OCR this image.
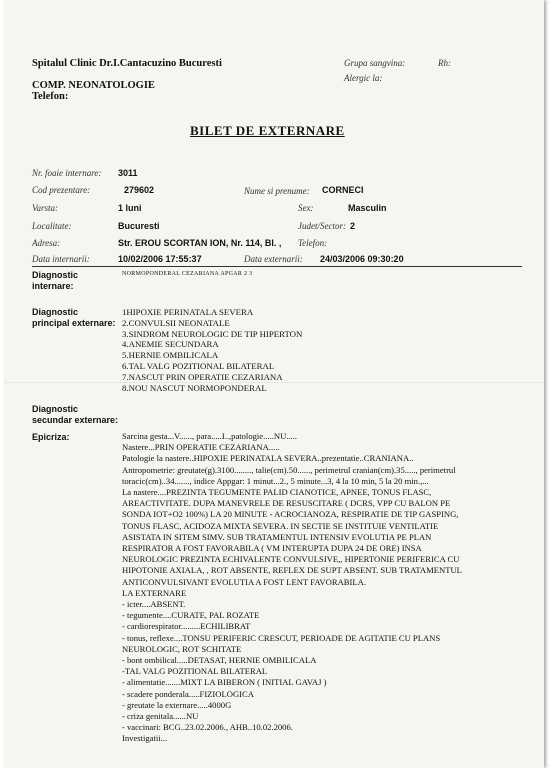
Spitalul Clinic Dr.I.Cantacuzino Bucuresti
COMP. NEONATOLOGIE
Telefon:
Grupa sangvina:	Rh:
Alergic la:
BILET DE EXTERNARE
Nr. foaie internare: 3011
Cod prezentare:	279602	Nume si prenume: CORNECI
Varsta:	1 luni	Sex:	Masculin
Localitate:	Bucuresti	Judet/Sector: 2
Adresa:	Str. EROU SCORTAN ION, Nr. 114, Bl. , Telefon:
Data internarii:	10/02/2006 17:55:37	Data externarii: 24/03/2006 09:30:20
Diagnostic
internare:
NORMOPONDERAL CEZARIANA APGAR 2 3
Diagnostic
principal externare:
1HIPOXIE PERINATALA SEVERA
2.CONVULSII NEONATALE
3.SINDROM NEUROLOGIC DE TIP HIPERTON
4.ANEMIE SECUNDARA
5.HERNIE OMBILICALA
6.TAL VALG POZITIONAL BILATERAL
7.NASCUT PRIN OPERATIE CEZARIANA
8.NOU NASCUT NORMOPONDERAL
Diagnostic
secundar externare:
Epicriza:	Sarcina gesta...V......, para.....I..,patologie.....NU.....
Nastere...PRIN OPERATIE CEZARIANA.....
Patologie la nastere..HIPOXIE PERINATALA SEVERA..prezentatie..CRANIANA..
Antropometrie: greutate(g).3100........, talie(cm).50......, perimetrul cranian(cm).35....., perimetrul
toracic(cm)..34......., indice Appgar: 1 minut...2., 5 minute...3, 4 la 10 min, 5 la 20 min.,...
La nastere....PREZINTA TEGUMENTE PALID CIANOTICE, APNEE, TONUS FLASC,
AREACTIVITATE. DUPA MANEVRELE DE RESUSCITARE ( DCRS, VPP CU BALON PE
SONDA IOT+O2 100%) LA 20 MINUTE - ACROCIANOZA, RESPIRATIE DE TIP GASPING,
TONUS FLASC, ACIDOZA MIXTA SEVERA. IN SECTIE SE INSTITUIE VENTILATIE
ASISTATA IN SITEM SIMV. SUB TRATAMENTUL INTENSIV EVOLUTIA PE PLAN
RESPIRATOR A FOST FAVORABILA ( VM INTERUPTA DUPA 24 DE ORE) INSA
NEUROLOGIC PREZINTA ECHIVALENTE CONVULSIVE,, HIPERTONIE PERIFERICA CU
HIPOTONIE AXIALA, , ROT ABSENTE, REFLEX DE SUPT ABSENT. SUB TRATAMENTUL
ANTICONVULSIVANT EVOLUTIA A FOST LENT FAVORABILA.
LA EXTERNARE
- icter....ABSENT.
- tegumente....CURATE, PAL ROZATE
- cardiorespirator.........ECHILIBRAT
- tonus, reflexe....TONSU PERIFERIC CRESCUT, PERIOADE DE AGITATIE CU PLANS
NEUROLOGIC, ROT SCHITATE
- bont ombilical.....DETASAT, HERNIE OMBILICALA
-TAL VALG POZITIONAL BILATERAL
- alimentatie.......MIXT LA BIBERON ( INITIAL GAVAJ )
- scadere ponderala.....FIZIOLOGICA
- greutate la externare.....4000G
- criza genitala......NU
- vaccinari: BCG..23.02.2006., AHB..10.02.2006.
Investigatii...
